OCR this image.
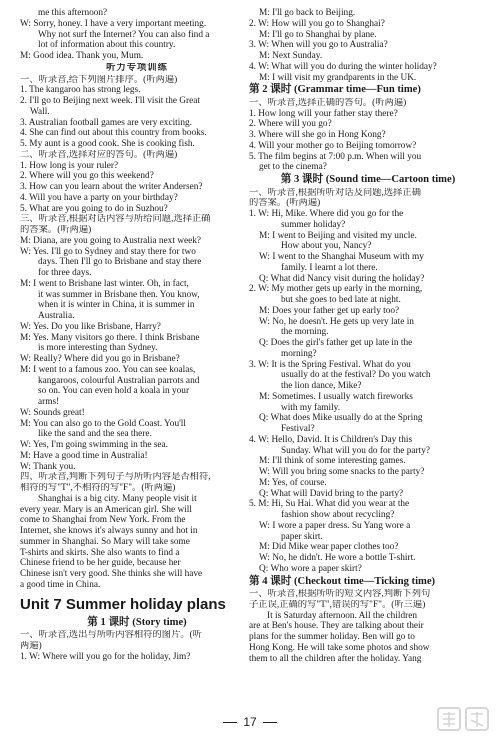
me this afternoon?
W: Sorry, honey. I have a very important meeting.
Why not surf the Internet? You can also find a
lot of information about this country.
M: Good idea. Thank you, Mum.
听力专项训练
一、听录音,给下列图片排序。(听两遍)
1. The kangaroo has strong legs.
2. I'll go to Beijing next week. I'll visit the Great
Wall.
3. Australian football games are very exciting.
4. She can find out about this country from books.
5. My aunt is a good cook. She is cooking fish.
二、听录音,选择对应的答句。(听两遍)
1. How long is your ruler?
2. Where will you go this weekend?
3. How can you learn about the writer Andersen?
4. Will you have a party on your birthday?
5. What are you going to do in Suzhou?
三、听录音,根据对话内容与所给问题,选择正确
的答案。(听两遍)
M: Diana, are you going to Australia next week?
W: Yes. I'll go to Sydney and stay there for two
days. Then I'll go to Brisbane and stay there
for three days.
M: I went to Brisbane last winter. Oh, in fact,
it was summer in Brisbane then. You know,
when it is winter in China, it is summer in
Australia.
W: Yes. Do you like Brisbane, Harry?
M: Yes. Many visitors go there. I think Brisbane
is more interesting than Sydney.
W: Really? Where did you go in Brisbane?
M: I went to a famous zoo. You can see koalas,
kangaroos, colourful Australian parrots and
so on. You can even hold a koala in your
arms!
W: Sounds great!
M: You can also go to the Gold Coast. You'll
like the sand and the sea there.
W: Yes, I'm going swimming in the sea.
M: Have a good time in Australia!
W: Thank you.
四、听录音,判断下列句子与所听内容是否相符,
相符的写"T",不相符的写"F"。(听两遍)
Shanghai is a big city. Many people visit it
every year. Mary is an American girl. She will
come to Shanghai from New York. From the
Internet, she knows it's always sunny and hot in
summer in Shanghai. So Mary will take some
T-shirts and skirts. She also wants to find a
Chinese friend to be her guide, because her
Chinese isn't very good. She thinks she will have
a good time in China.
Unit 7 Summer holiday plans
第 1 课时 (Story time)
一、听录音,选出与所听内容相符的图片。(听
两遍)
1. W: Where will you go for the holiday, Jim?
M: I'll go back to Beijing.
2. W: How will you go to Shanghai?
M: I'll go to Shanghai by plane.
3. W: When will you go to Australia?
M: Next Sunday.
4. W: What will you do during the winter holiday?
M: I will visit my grandparents in the UK.
第 2 课时 (Grammar time—Fun time)
一、听录音,选择正确的答句。(听两遍)
1. How long will your father stay there?
2. Where will you go?
3. Where will she go in Hong Kong?
4. Will your mother go to Beijing tomorrow?
5. The film begins at 7:00 p.m. When will you
get to the cinema?
第 3 课时 (Sound time—Cartoon time)
一、听录音,根据所听对话及问题,选择正确
的答案。(听两遍)
1. W: Hi, Mike. Where did you go for the
summer holiday?
M: I went to Beijing and visited my uncle.
How about you, Nancy?
W: I went to the Shanghai Museum with my
family. I learnt a lot there.
Q: What did Nancy visit during the holiday?
2. W: My mother gets up early in the morning,
but she goes to bed late at night.
M: Does your father get up early too?
W: No, he doesn't. He gets up very late in
the morning.
Q: Does the girl's father get up late in the
morning?
3. W: It is the Spring Festival. What do you
usually do at the festival? Do you watch
the lion dance, Mike?
M: Sometimes. I usually watch fireworks
with my family.
Q: What does Mike usually do at the Spring
Festival?
4. W: Hello, David. It is Children's Day this
Sunday. What will you do for the party?
M: I'll think of some interesting games.
W: Will you bring some snacks to the party?
M: Yes, of course.
Q: What will David bring to the party?
5. M: Hi, Su Hai. What did you wear at the
fashion show about recycling?
W: I wore a paper dress. Su Yang wore a
paper skirt.
M: Did Mike wear paper clothes too?
W: No, he didn't. He wore a bottle T-shirt.
Q: Who wore a paper skirt?
第 4 课时 (Checkout time—Ticking time)
一、听录音,根据所听的短文内容,判断下列句
子正误,正确的写"T",错误的写"F"。(听三遍)
It is Saturday afternoon. All the children
are at Ben's house. They are talking about their
plans for the summer holiday. Ben will go to
Hong Kong. He will take some photos and show
them to all the children after the holiday. Yang
17
